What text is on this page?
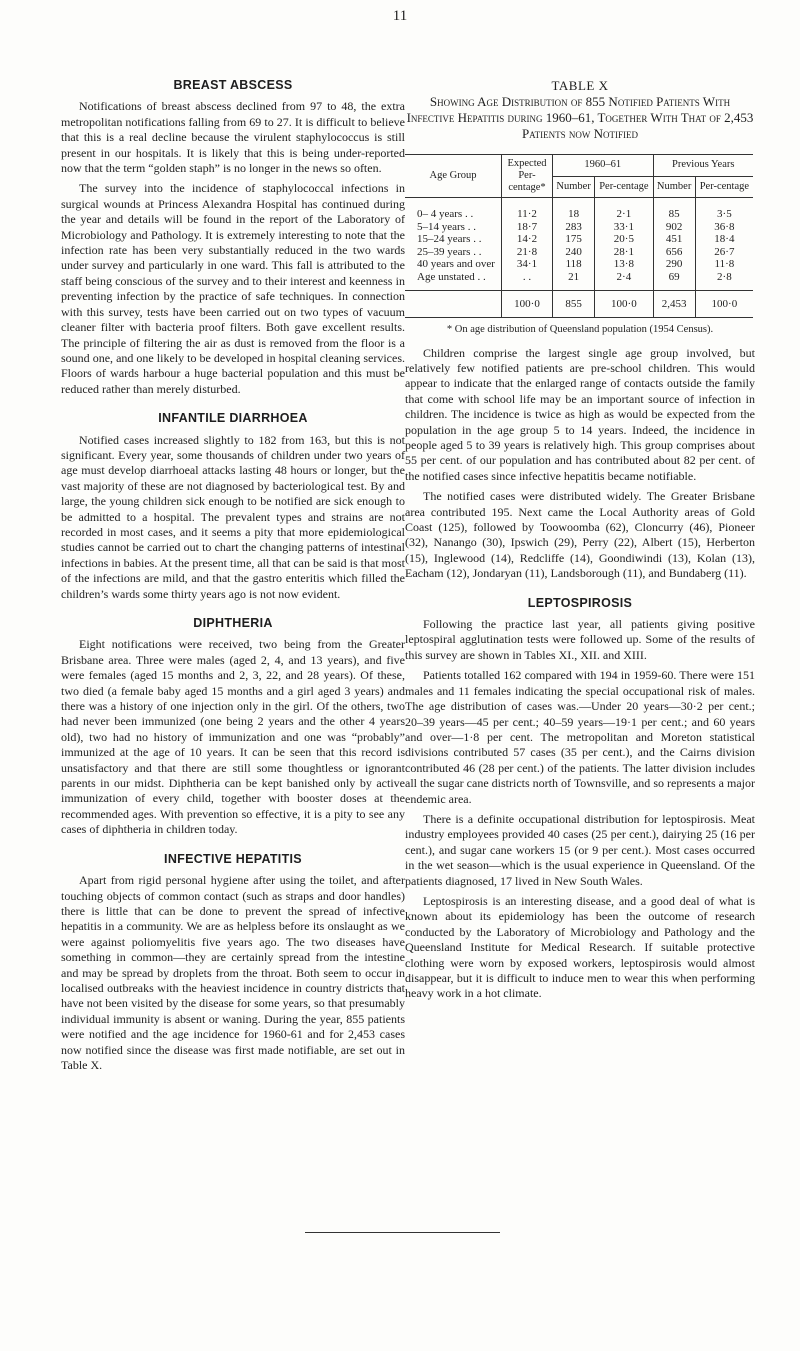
11
BREAST ABSCESS

Notifications of breast abscess declined from 97 to 48, the extra metropolitan notifications falling from 69 to 27. It is difficult to believe that this is a real decline because the virulent staphylococcus is still present in our hospitals. It is likely that this is being under-reported now that the term “golden staph” is no longer in the news so often.

The survey into the incidence of staphylococcal infections in surgical wounds at Princess Alexandra Hospital has continued during the year and details will be found in the report of the Laboratory of Microbiology and Pathology. It is extremely interesting to note that the infection rate has been very substantially reduced in the two wards under survey and particularly in one ward. This fall is attributed to the staff being conscious of the survey and to their interest and keenness in preventing infection by the practice of safe techniques. In connection with this survey, tests have been carried out on two types of vacuum cleaner filter with bacteria proof filters. Both gave excellent results. The principle of filtering the air as dust is removed from the floor is a sound one, and one likely to be developed in hospital cleaning services. Floors of wards harbour a huge bacterial population and this must be reduced rather than merely disturbed.

INFANTILE DIARRHOEA

Notified cases increased slightly to 182 from 163, but this is not significant. Every year, some thousands of children under two years of age must develop diarrhoeal attacks lasting 48 hours or longer, but the vast majority of these are not diagnosed by bacteriological test. By and large, the young children sick enough to be notified are sick enough to be admitted to a hospital. The prevalent types and strains are not recorded in most cases, and it seems a pity that more epidemiological studies cannot be carried out to chart the changing patterns of intestinal infections in babies. At the present time, all that can be said is that most of the infections are mild, and that the gastro enteritis which filled the children’s wards some thirty years ago is not now evident.

DIPHTHERIA

Eight notifications were received, two being from the Greater Brisbane area. Three were males (aged 2, 4, and 13 years), and five were females (aged 15 months and 2, 3, 22, and 28 years). Of these, two died (a female baby aged 15 months and a girl aged 3 years) and there was a history of one injection only in the girl. Of the others, two had never been immunized (one being 2 years and the other 4 years old), two had no history of immunization and one was “probably” immunized at the age of 10 years. It can be seen that this record is unsatisfactory and that there are still some thoughtless or ignorant parents in our midst. Diphtheria can be kept banished only by active immunization of every child, together with booster doses at the recommended ages. With prevention so effective, it is a pity to see any cases of diphtheria in children today.

INFECTIVE HEPATITIS

Apart from rigid personal hygiene after using the toilet, and after touching objects of common contact (such as straps and door handles) there is little that can be done to prevent the spread of infective hepatitis in a community. We are as helpless before its onslaught as we were against poliomyelitis five years ago. The two diseases have something in common—they are certainly spread from the intestine and may be spread by droplets from the throat. Both seem to occur in localised outbreaks with the heaviest incidence in country districts that have not been visited by the disease for some years, so that presumably individual immunity is absent or waning. During the year, 855 patients were notified and the age incidence for 1960-61 and for 2,453 cases now notified since the disease was first made notifiable, are set out in Table X.

TABLE X
Showing Age Distribution of 855 Notified Patients With Infective Hepatitis during 1960–61, Together With That of 2,453 Patients now Notified
Age Group	Expected Per-centage*	1960–61		Previous Years	
		Number	Per-centage	Number	Per-centage
0– 4 years . .	11·2	18	2·1	85	3·5
5–14 years . .	18·7	283	33·1	902	36·8
15–24 years . .	14·2	175	20·5	451	18·4
25–39 years . .	21·8	240	28·1	656	26·7
40 years and over	34·1	118	13·8	290	11·8
Age unstated . .	. .	21	2·4	69	2·8
	100·0	855	100·0	2,453	100·0
* On age distribution of Queensland population (1954 Census).

Children comprise the largest single age group involved, but relatively few notified patients are pre-school children. This would appear to indicate that the enlarged range of contacts outside the family that come with school life may be an important source of infection in children. The incidence is twice as high as would be expected from the population in the age group 5 to 14 years. Indeed, the incidence in people aged 5 to 39 years is relatively high. This group comprises about 55 per cent. of our population and has contributed about 82 per cent. of the notified cases since infective hepatitis became notifiable.

The notified cases were distributed widely. The Greater Brisbane area contributed 195. Next came the Local Authority areas of Gold Coast (125), followed by Toowoomba (62), Cloncurry (46), Pioneer (32), Nanango (30), Ipswich (29), Perry (22), Albert (15), Herberton (15), Inglewood (14), Redcliffe (14), Goondiwindi (13), Kolan (13), Eacham (12), Jondaryan (11), Landsborough (11), and Bundaberg (11).

LEPTOSPIROSIS

Following the practice last year, all patients giving positive leptospiral agglutination tests were followed up. Some of the results of this survey are shown in Tables XI., XII. and XIII.

Patients totalled 162 compared with 194 in 1959-60. There were 151 males and 11 females indicating the special occupational risk of males. The age distribution of cases was.—Under 20 years—30·2 per cent.; 20–39 years—45 per cent.; 40–59 years—19·1 per cent.; and 60 years and over—1·8 per cent. The metropolitan and Moreton statistical divisions contributed 57 cases (35 per cent.), and the Cairns division contributed 46 (28 per cent.) of the patients. The latter division includes all the sugar cane districts north of Townsville, and so represents a major endemic area.

There is a definite occupational distribution for leptospirosis. Meat industry employees provided 40 cases (25 per cent.), dairying 25 (16 per cent.), and sugar cane workers 15 (or 9 per cent.). Most cases occurred in the wet season—which is the usual experience in Queensland. Of the patients diagnosed, 17 lived in New South Wales.

Leptospirosis is an interesting disease, and a good deal of what is known about its epidemiology has been the outcome of research conducted by the Laboratory of Microbiology and Pathology and the Queensland Institute for Medical Research. If suitable protective clothing were worn by exposed workers, leptospirosis would almost disappear, but it is difficult to induce men to wear this when performing heavy work in a hot climate.
